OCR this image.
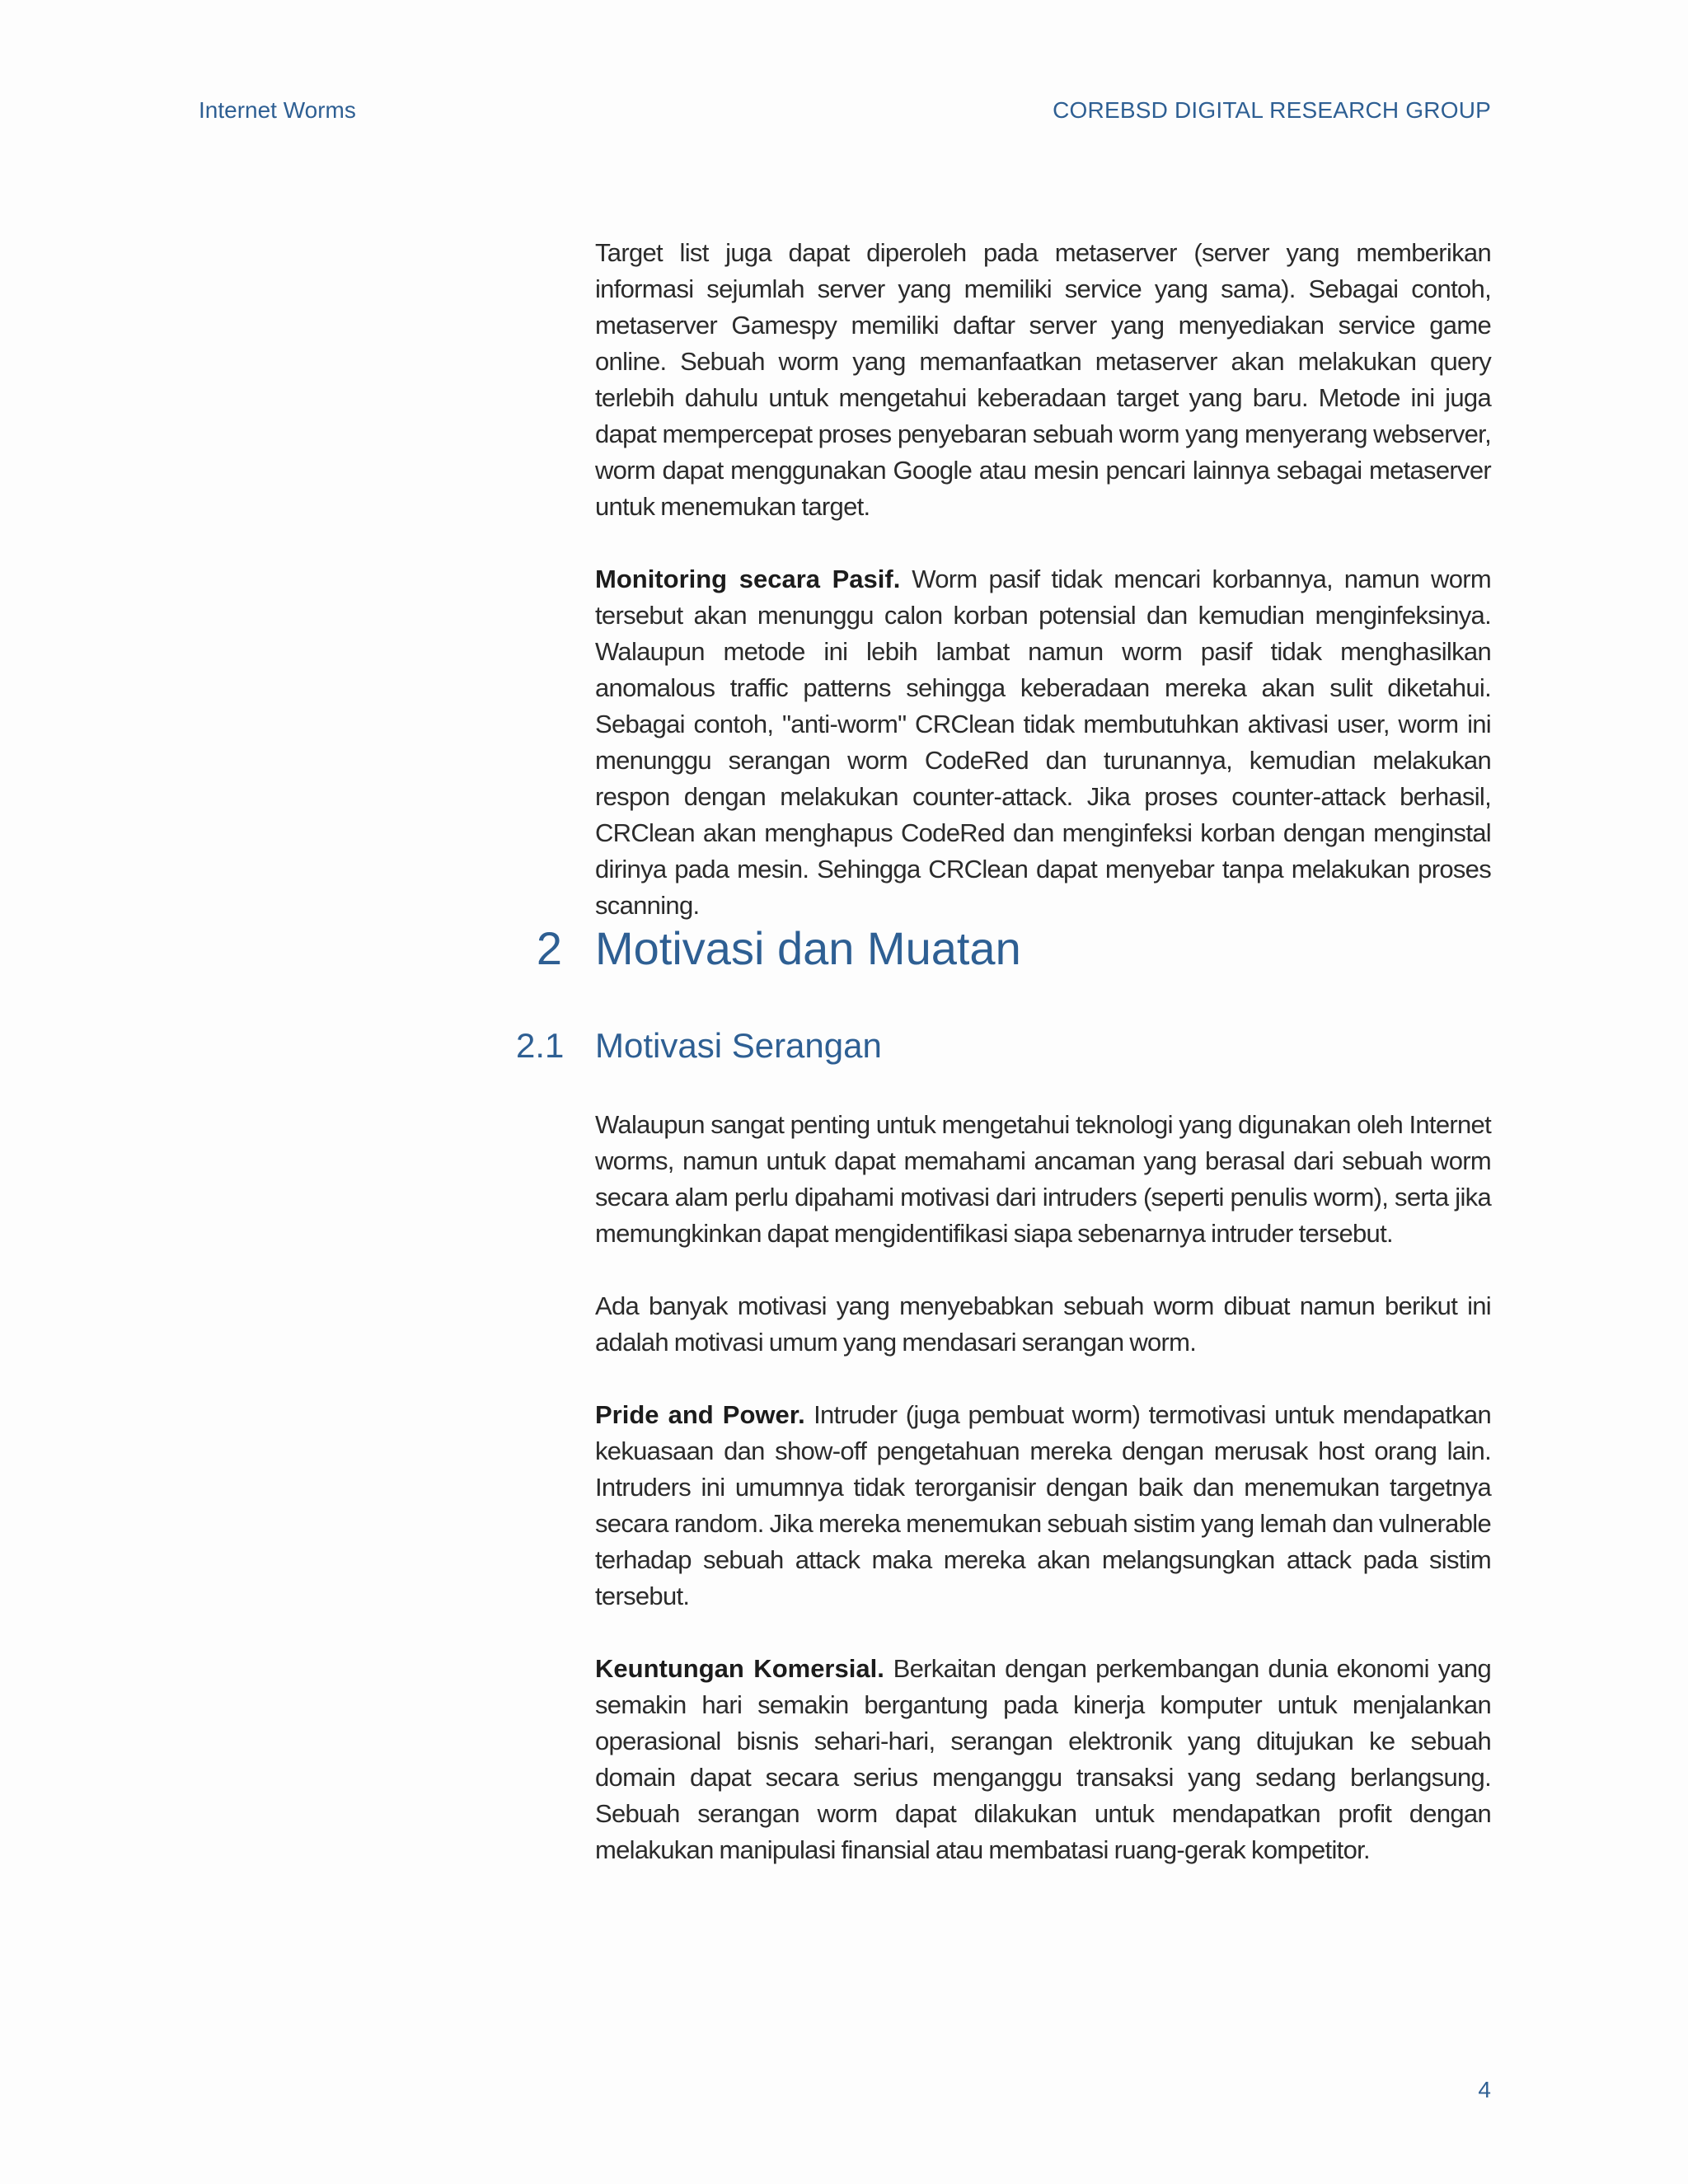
Internet Worms	COREBSD DIGITAL RESEARCH GROUP

Target list juga dapat diperoleh pada metaserver (server yang memberikan informasi sejumlah server yang memiliki service yang sama). Sebagai contoh, metaserver Gamespy memiliki daftar server yang menyediakan service game online. Sebuah worm yang memanfaatkan metaserver akan melakukan query terlebih dahulu untuk mengetahui keberadaan target yang baru. Metode ini juga dapat mempercepat proses penyebaran sebuah worm yang menyerang webserver, worm dapat menggunakan Google atau mesin pencari lainnya sebagai metaserver untuk menemukan target.

Monitoring secara Pasif. Worm pasif tidak mencari korbannya, namun worm tersebut akan menunggu calon korban potensial dan kemudian menginfeksinya. Walaupun metode ini lebih lambat namun worm pasif tidak menghasilkan anomalous traffic patterns sehingga keberadaan mereka akan sulit diketahui. Sebagai contoh, "anti-worm" CRClean tidak membutuhkan aktivasi user, worm ini menunggu serangan worm CodeRed dan turunannya, kemudian melakukan respon dengan melakukan counter-attack. Jika proses counter-attack berhasil, CRClean akan menghapus CodeRed dan menginfeksi korban dengan menginstal dirinya pada mesin. Sehingga CRClean dapat menyebar tanpa melakukan proses scanning.

2 Motivasi dan Muatan
2.1 Motivasi Serangan

Walaupun sangat penting untuk mengetahui teknologi yang digunakan oleh Internet worms, namun untuk dapat memahami ancaman yang berasal dari sebuah worm secara alam perlu dipahami motivasi dari intruders (seperti penulis worm), serta jika memungkinkan dapat mengidentifikasi siapa sebenarnya intruder tersebut.

Ada banyak motivasi yang menyebabkan sebuah worm dibuat namun berikut ini adalah motivasi umum yang mendasari serangan worm.

Pride and Power. Intruder (juga pembuat worm) termotivasi untuk mendapatkan kekuasaan dan show-off pengetahuan mereka dengan merusak host orang lain. Intruders ini umumnya tidak terorganisir dengan baik dan menemukan targetnya secara random. Jika mereka menemukan sebuah sistim yang lemah dan vulnerable terhadap sebuah attack maka mereka akan melangsungkan attack pada sistim tersebut.

Keuntungan Komersial. Berkaitan dengan perkembangan dunia ekonomi yang semakin hari semakin bergantung pada kinerja komputer untuk menjalankan operasional bisnis sehari-hari, serangan elektronik yang ditujukan ke sebuah domain dapat secara serius menganggu transaksi yang sedang berlangsung. Sebuah serangan worm dapat dilakukan untuk mendapatkan profit dengan melakukan manipulasi finansial atau membatasi ruang-gerak kompetitor.

4
